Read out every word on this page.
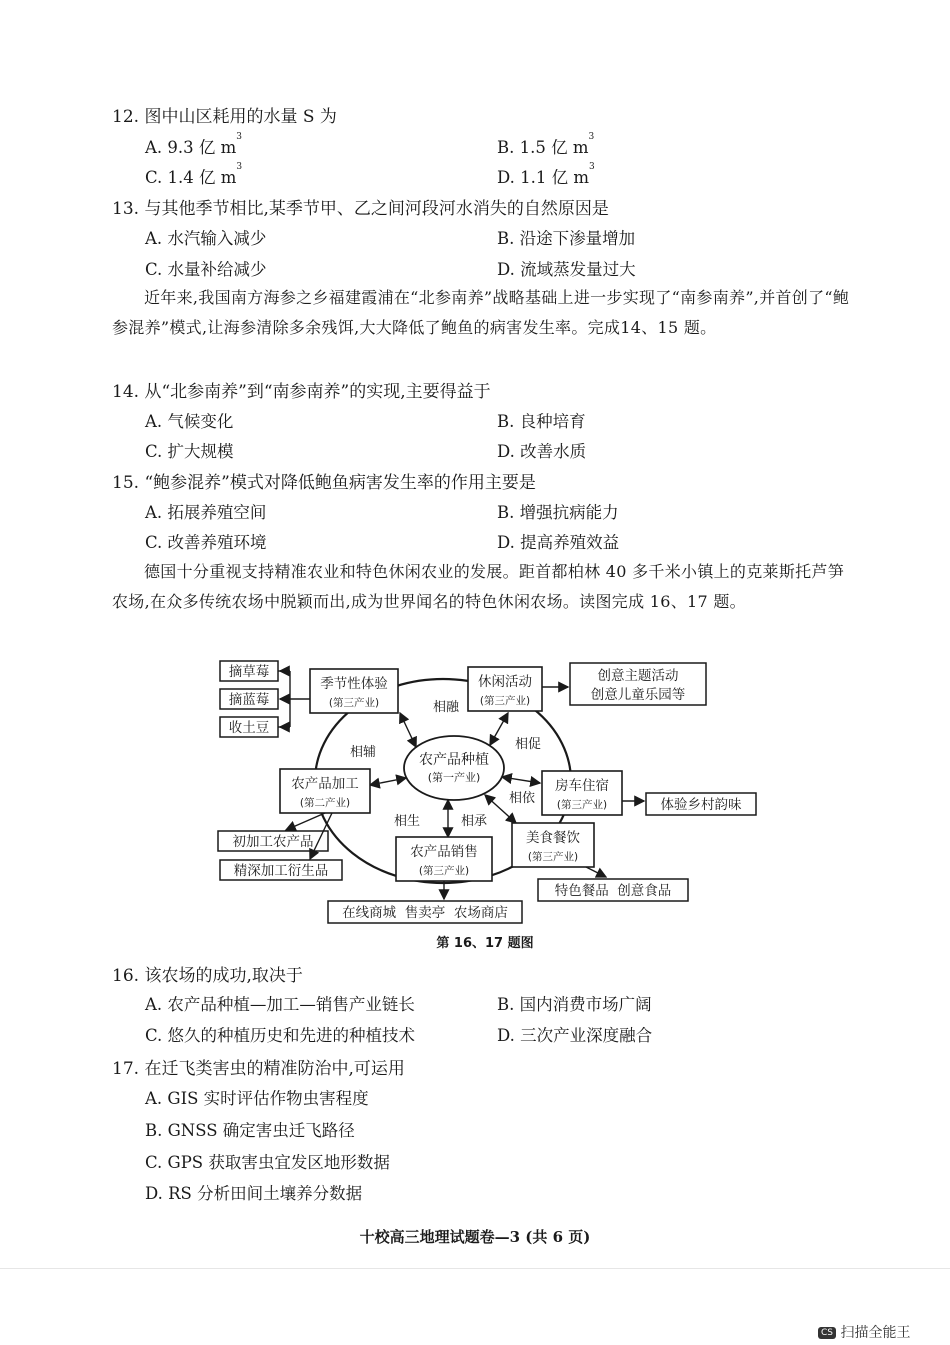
12. 图中山区耗用的水量 S 为
A. 9.3 亿 $m^3$
B. 1.5 亿 $m^3$
C. 1.4 亿 $m^3$
D. 1.1 亿 $m^3$
13. 与其他季节相比,某季节甲、乙之间河段河水消失的自然原因是
A. 水汽输入减少	B. 沿途下渗量增加
C. 水量补给减少	D. 流域蒸发量过大
近年来,我国南方海参之乡福建霞浦在“北参南养”战略基础上进一步实现了“南参南养”,并首创了“鲍参混养”模式,让海参清除多余残饵,大大降低了鲍鱼的病害发生率。完成14、15 题。
14. 从“北参南养”到“南参南养”的实现,主要得益于
A. 气候变化	B. 良种培育
C. 扩大规模	D. 改善水质
15. “鲍参混养”模式对降低鲍鱼病害发生率的作用主要是
A. 拓展养殖空间	B. 增强抗病能力
C. 改善养殖环境	D. 提高养殖效益
德国十分重视支持精准农业和特色休闲农业的发展。距首都柏林 40 多千米小镇上的克莱斯托芦笋农场,在众多传统农场中脱颖而出,成为世界闻名的特色休闲农场。读图完成 16、17 题。
农产品种植
(第一产业)
季节性体验
(第三产业)
休闲活动
(第三产业)
农产品加工
(第二产业)
房车住宿
(第三产业)
农产品销售
(第三产业)
美食餐饮
(第三产业)
相融
相辅
相促
相依
相生	相承
摘草莓
摘蓝莓
收土豆
创意主题活动
创意儿童乐园等
体验乡村韵味
初加工农产品
精深加工衍生品
在线商城  售卖亭  农场商店
特色餐品  创意食品
第 16、17 题图
16. 该农场的成功,取决于
A. 农产品种植—加工—销售产业链长	B. 国内消费市场广阔
C. 悠久的种植历史和先进的种植技术	D. 三次产业深度融合
17. 在迁飞类害虫的精准防治中,可运用
A. GIS 实时评估作物虫害程度
B. GNSS 确定害虫迁飞路径
C. GPS 获取害虫宜发区地形数据
D. RS 分析田间土壤养分数据
十校高三地理试题卷—3 (共 6 页)
CS 扫描全能王
